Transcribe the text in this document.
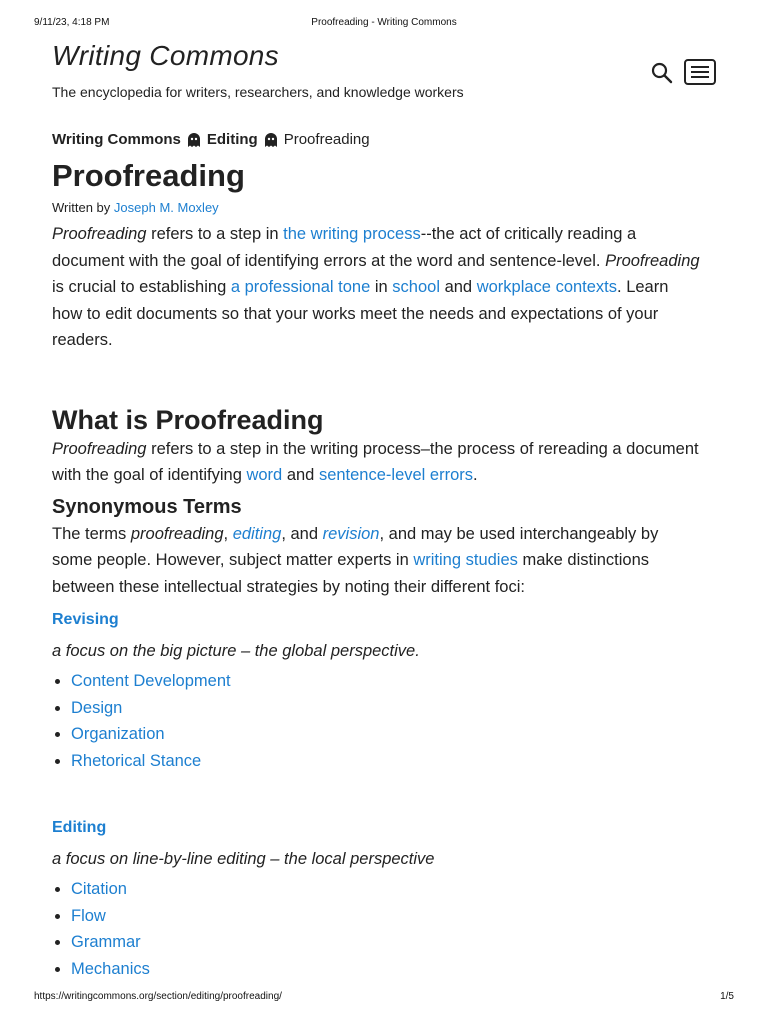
9/11/23, 4:18 PM	Proofreading - Writing Commons
Writing Commons
The encyclopedia for writers, researchers, and knowledge workers
Writing Commons Editing Proofreading
Proofreading
Written by Joseph M. Moxley

Proofreading refers to a step in the writing process--the act of critically reading a document with the goal of identifying errors at the word and sentence-level. Proofreading is crucial to establishing a professional tone in school and workplace contexts. Learn how to edit documents so that your works meet the needs and expectations of your readers.

What is Proofreading

Proofreading refers to a step in the writing process–the process of rereading a document with the goal of identifying word and sentence-level errors.

Synonymous Terms

The terms proofreading, editing, and revision, and may be used interchangeably by some people. However, subject matter experts in writing studies make distinctions between these intellectual strategies by noting their different foci:

Revising
a focus on the big picture – the global perspective.
• Content Development
• Design
• Organization
• Rhetorical Stance
Editing
a focus on line-by-line editing – the local perspective
• Citation
• Flow
• Grammar
• Mechanics
https://writingcommons.org/section/editing/proofreading/	1/5
